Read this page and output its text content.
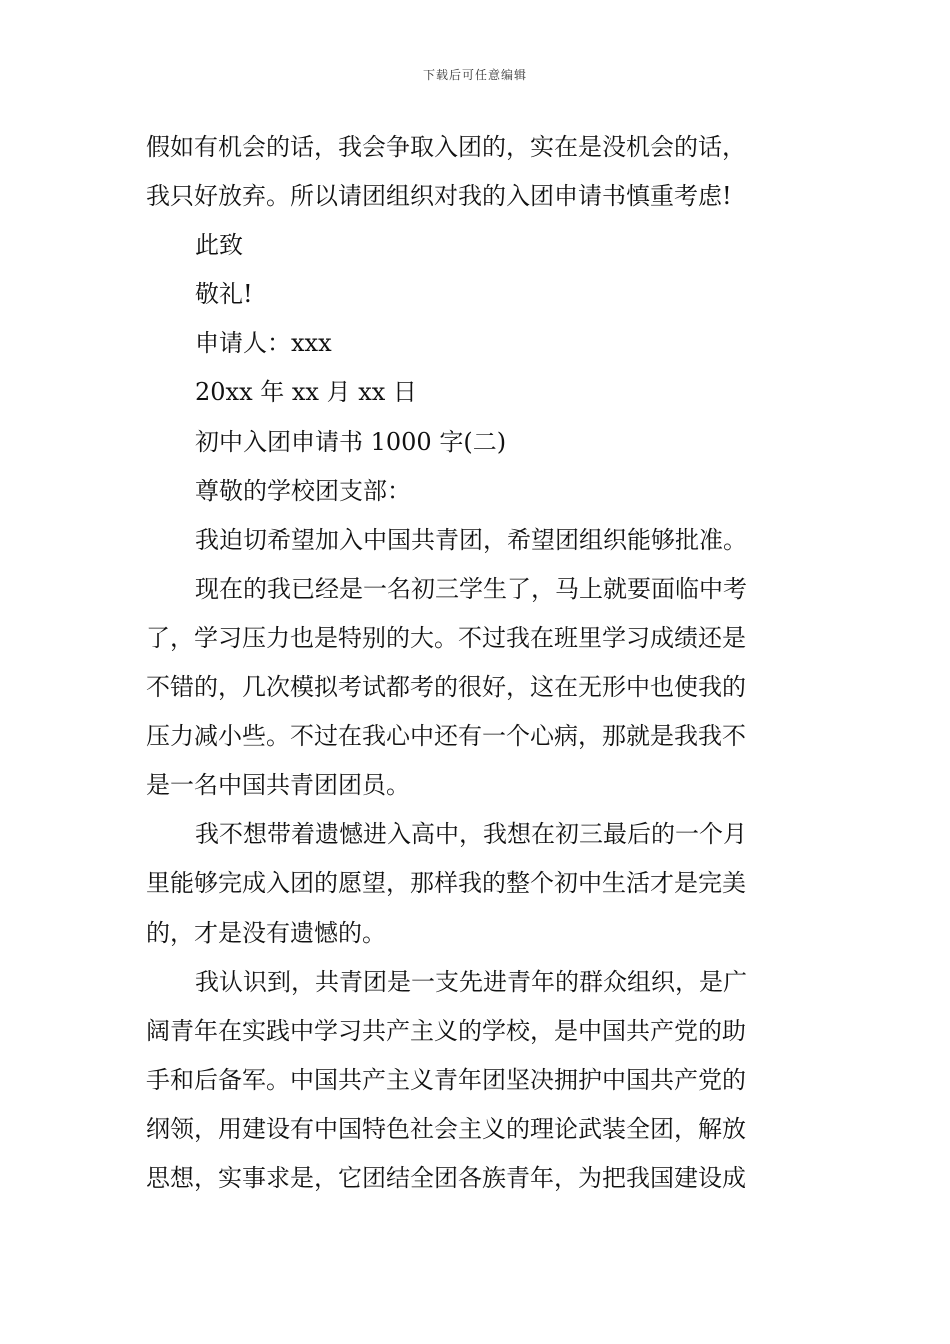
下载后可任意编辑
假如有机会的话，我会争取入团的，实在是没机会的话，
我只好放弃。所以请团组织对我的入团申请书慎重考虑!
此致
敬礼!
申请人：xxx
20xx 年 xx 月 xx 日
初中入团申请书 1000 字(二)
尊敬的学校团支部：
我迫切希望加入中国共青团，希望团组织能够批准。
现在的我已经是一名初三学生了，马上就要面临中考
了，学习压力也是特别的大。不过我在班里学习成绩还是
不错的，几次模拟考试都考的很好，这在无形中也使我的
压力减小些。不过在我心中还有一个心病，那就是我我不
是一名中国共青团团员。
我不想带着遗憾进入高中，我想在初三最后的一个月
里能够完成入团的愿望，那样我的整个初中生活才是完美
的，才是没有遗憾的。
我认识到，共青团是一支先进青年的群众组织，是广
阔青年在实践中学习共产主义的学校，是中国共产党的助
手和后备军。中国共产主义青年团坚决拥护中国共产党的
纲领，用建设有中国特色社会主义的理论武装全团，解放
思想，实事求是，它团结全团各族青年，为把我国建设成
